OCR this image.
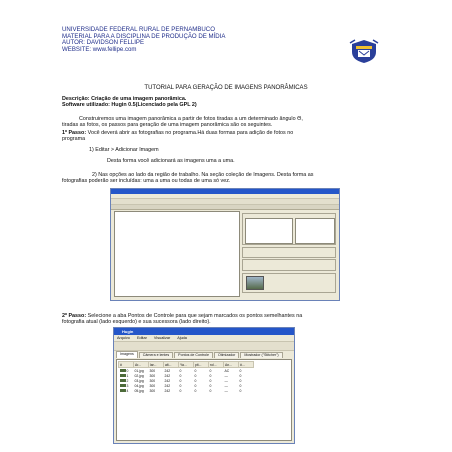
UNIVERSIDADE FEDERAL RURAL DE PERNAMBUCO
MATERIAL PARA A DISCIPLINA DE PRODUÇÃO DE MÍDIA
AUTOR: DAVIDSON FELLIPE
WEBSITE: www.fellipe.com
TUTORIAL PARA GERAÇÃO DE IMAGENS PANORÂMICAS
Descrição: Criação de uma imagem panorâmica.
Software utilizado: Hugin 0.5(Licenciado pela GPL 2)
Construiremos uma imagem panorâmica a partir de fotos tiradas a um determinado ângulo Θ,
tiradas as fotos, os passos para geração de uma imagem panorâmica são os seguintes.
1º Passo: Você deverá abrir as fotografias no programa.Há duas formas para adição de fotos no
programa
1) Editar > Adicionar Imagem
Desta forma você adicionará as imagens uma a uma.
2) Nas opções ao lado da região de trabalho. Na seção coleção de Imagens. Desta forma as
fotografias poderão ser incluídas: uma a uma ou todas de uma só vez.
2º Passo: Selecione a aba Pontos de Controle para que sejam marcados os pontos semelhantes na
fotografia atual (lado esquerdo) e sua sucessora (lado direito).
Hugin
Arquivo Editar Visualizar Ajuda
Imagens	Câmera e lentes	Pontos de Controle	Otimizador	Mostrador ("Stitcher")
#	Ar...	lar...	alt...	Ya...	pit...	rol...	An...	#...
0	01.jpg	300	242	0	0	0	AC	0
1	02.jpg	300	242	0	0	0	—	0
2	03.jpg	300	242	0	0	0	—	0
3	04.jpg	300	242	0	0	0	—	0
4	05.jpg	300	242	0	0	0	—	0
